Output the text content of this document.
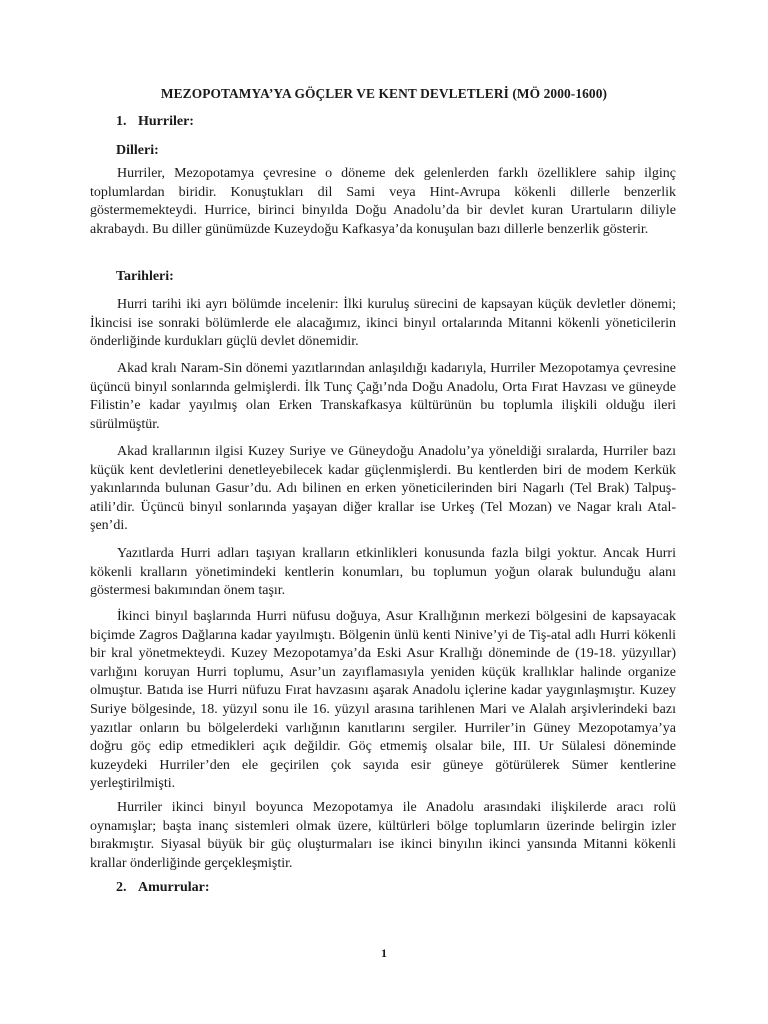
MEZOPOTAMYA’YA GÖÇLER VE KENT DEVLETLERİ (MÖ 2000-1600)
1. Hurriler:
Dilleri:
Hurriler, Mezopotamya çevresine o döneme dek gelenlerden farklı özelliklere sahip ilginç toplumlardan biridir. Konuştukları dil Sami veya Hint-Avrupa kökenli dillerle benzerlik göstermemekteydi. Hurrice, birinci binyılda Doğu Anadolu’da bir devlet kuran Urartuların diliyle akrabaydı. Bu diller günümüzde Kuzeydoğu Kafkasya’da konuşulan bazı dillerle benzerlik gösterir.
Tarihleri:
Hurri tarihi iki ayrı bölümde incelenir: İlki kuruluş sürecini de kapsayan küçük devletler dönemi; İkincisi ise sonraki bölümlerde ele alacağımız, ikinci binyıl ortalarında Mitanni kökenli yöneticilerin önderliğinde kurdukları güçlü devlet dönemidir.
Akad kralı Naram-Sin dönemi yazıtlarından anlaşıldığı kadarıyla, Hurriler Mezopotamya çevresine üçüncü binyıl sonlarında gelmişlerdi. İlk Tunç Çağı’nda Doğu Anadolu, Orta Fırat Havzası ve güneyde Filistin’e kadar yayılmış olan Erken Transkafkasya kültürünün bu toplumla ilişkili olduğu ileri sürülmüştür.
Akad krallarının ilgisi Kuzey Suriye ve Güneydoğu Anadolu’ya yöneldiği sıralarda, Hurriler bazı küçük kent devletlerini denetleyebilecek kadar güçlenmişlerdi. Bu kentlerden biri de modem Kerkük yakınlarında bulunan Gasur’du. Adı bilinen en erken yöneticilerinden biri Nagarlı (Tel Brak) Talpuş-atili’dir. Üçüncü binyıl sonlarında yaşayan diğer krallar ise Urkeş (Tel Mozan) ve Nagar kralı Atal-şen’di.
Yazıtlarda Hurri adları taşıyan kralların etkinlikleri konusunda fazla bilgi yoktur. Ancak Hurri kökenli kralların yönetimindeki kentlerin konumları, bu toplumun yoğun olarak bulunduğu alanı göstermesi bakımından önem taşır.
İkinci binyıl başlarında Hurri nüfusu doğuya, Asur Krallığının merkezi bölgesini de kapsayacak biçimde Zagros Dağlarına kadar yayılmıştı. Bölgenin ünlü kenti Ninive’yi de Tiş-atal adlı Hurri kökenli bir kral yönetmekteydi. Kuzey Mezopotamya’da Eski Asur Krallığı döneminde de (19-18. yüzyıllar) varlığını koruyan Hurri toplumu, Asur’un zayıflamasıyla yeniden küçük krallıklar halinde organize olmuştur. Batıda ise Hurri nüfuzu Fırat havzasını aşarak Anadolu içlerine kadar yaygınlaşmıştır. Kuzey Suriye bölgesinde, 18. yüzyıl sonu ile 16. yüzyıl arasına tarihlenen Mari ve Alalah arşivlerindeki bazı yazıtlar onların bu bölgelerdeki varlığının kanıtlarını sergiler. Hurriler’in Güney Mezopotamya’ya doğru göç edip etmedikleri açık değildir. Göç etmemiş olsalar bile, III. Ur Sülalesi döneminde kuzeydeki Hurriler’den ele geçirilen çok sayıda esir güneye götürülerek Sümer kentlerine yerleştirilmişti.
Hurriler ikinci binyıl boyunca Mezopotamya ile Anadolu arasındaki ilişkilerde aracı rolü oynamışlar; başta inanç sistemleri olmak üzere, kültürleri bölge toplumların üzerinde belirgin izler bırakmıştır. Siyasal büyük bir güç oluşturmaları ise ikinci binyılın ikinci yansında Mitanni kökenli krallar önderliğinde gerçekleşmiştir.
2. Amurrular:
1
